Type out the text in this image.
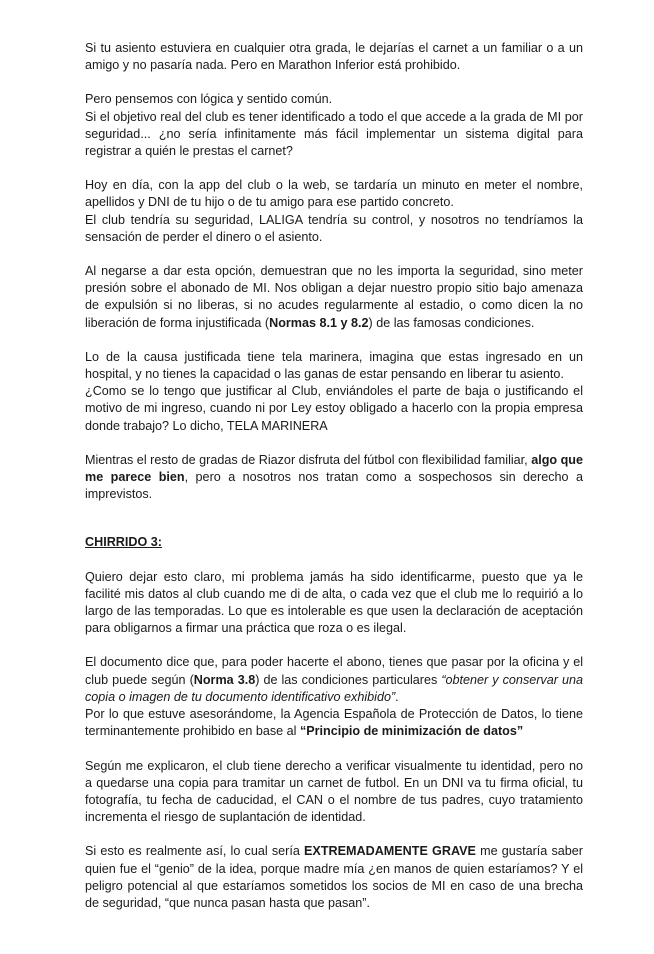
Si tu asiento estuviera en cualquier otra grada, le dejarías el carnet a un familiar o a un amigo y no pasaría nada. Pero en Marathon Inferior está prohibido.

Pero pensemos con lógica y sentido común.
Si el objetivo real del club es tener identificado a todo el que accede a la grada de MI por seguridad... ¿no sería infinitamente más fácil implementar un sistema digital para registrar a quién le prestas el carnet?

Hoy en día, con la app del club o la web, se tardaría un minuto en meter el nombre, apellidos y DNI de tu hijo o de tu amigo para ese partido concreto.
El club tendría su seguridad, LALIGA tendría su control, y nosotros no tendríamos la sensación de perder el dinero o el asiento.

Al negarse a dar esta opción, demuestran que no les importa la seguridad, sino meter presión sobre el abonado de MI. Nos obligan a dejar nuestro propio sitio bajo amenaza de expulsión si no liberas, si no acudes regularmente al estadio, o como dicen la no liberación de forma injustificada (Normas 8.1 y 8.2) de las famosas condiciones.

Lo de la causa justificada tiene tela marinera, imagina que estas ingresado en un hospital, y no tienes la capacidad o las ganas de estar pensando en liberar tu asiento.
¿Como se lo tengo que justificar al Club, enviándoles el parte de baja o justificando el motivo de mi ingreso, cuando ni por Ley estoy obligado a hacerlo con la propia empresa donde trabajo? Lo dicho, TELA MARINERA

Mientras el resto de gradas de Riazor disfruta del fútbol con flexibilidad familiar, algo que me parece bien, pero a nosotros nos tratan como a sospechosos sin derecho a imprevistos.

CHIRRIDO 3:

Quiero dejar esto claro, mi problema jamás ha sido identificarme, puesto que ya le facilité mis datos al club cuando me di de alta, o cada vez que el club me lo requirió a lo largo de las temporadas. Lo que es intolerable es que usen la declaración de aceptación para obligarnos a firmar una práctica que roza o es ilegal.

El documento dice que, para poder hacerte el abono, tienes que pasar por la oficina y el club puede según (Norma 3.8) de las condiciones particulares “obtener y conservar una copia o imagen de tu documento identificativo exhibido”.
Por lo que estuve asesorándome, la Agencia Española de Protección de Datos, lo tiene terminantemente prohibido en base al “Principio de minimización de datos”

Según me explicaron, el club tiene derecho a verificar visualmente tu identidad, pero no a quedarse una copia para tramitar un carnet de futbol. En un DNI va tu firma oficial, tu fotografía, tu fecha de caducidad, el CAN o el nombre de tus padres, cuyo tratamiento incrementa el riesgo de suplantación de identidad.

Si esto es realmente así, lo cual sería EXTREMADAMENTE GRAVE me gustaría saber quien fue el “genio” de la idea, porque madre mía ¿en manos de quien estaríamos? Y el peligro potencial al que estaríamos sometidos los socios de MI en caso de una brecha de seguridad, “que nunca pasan hasta que pasan”.
